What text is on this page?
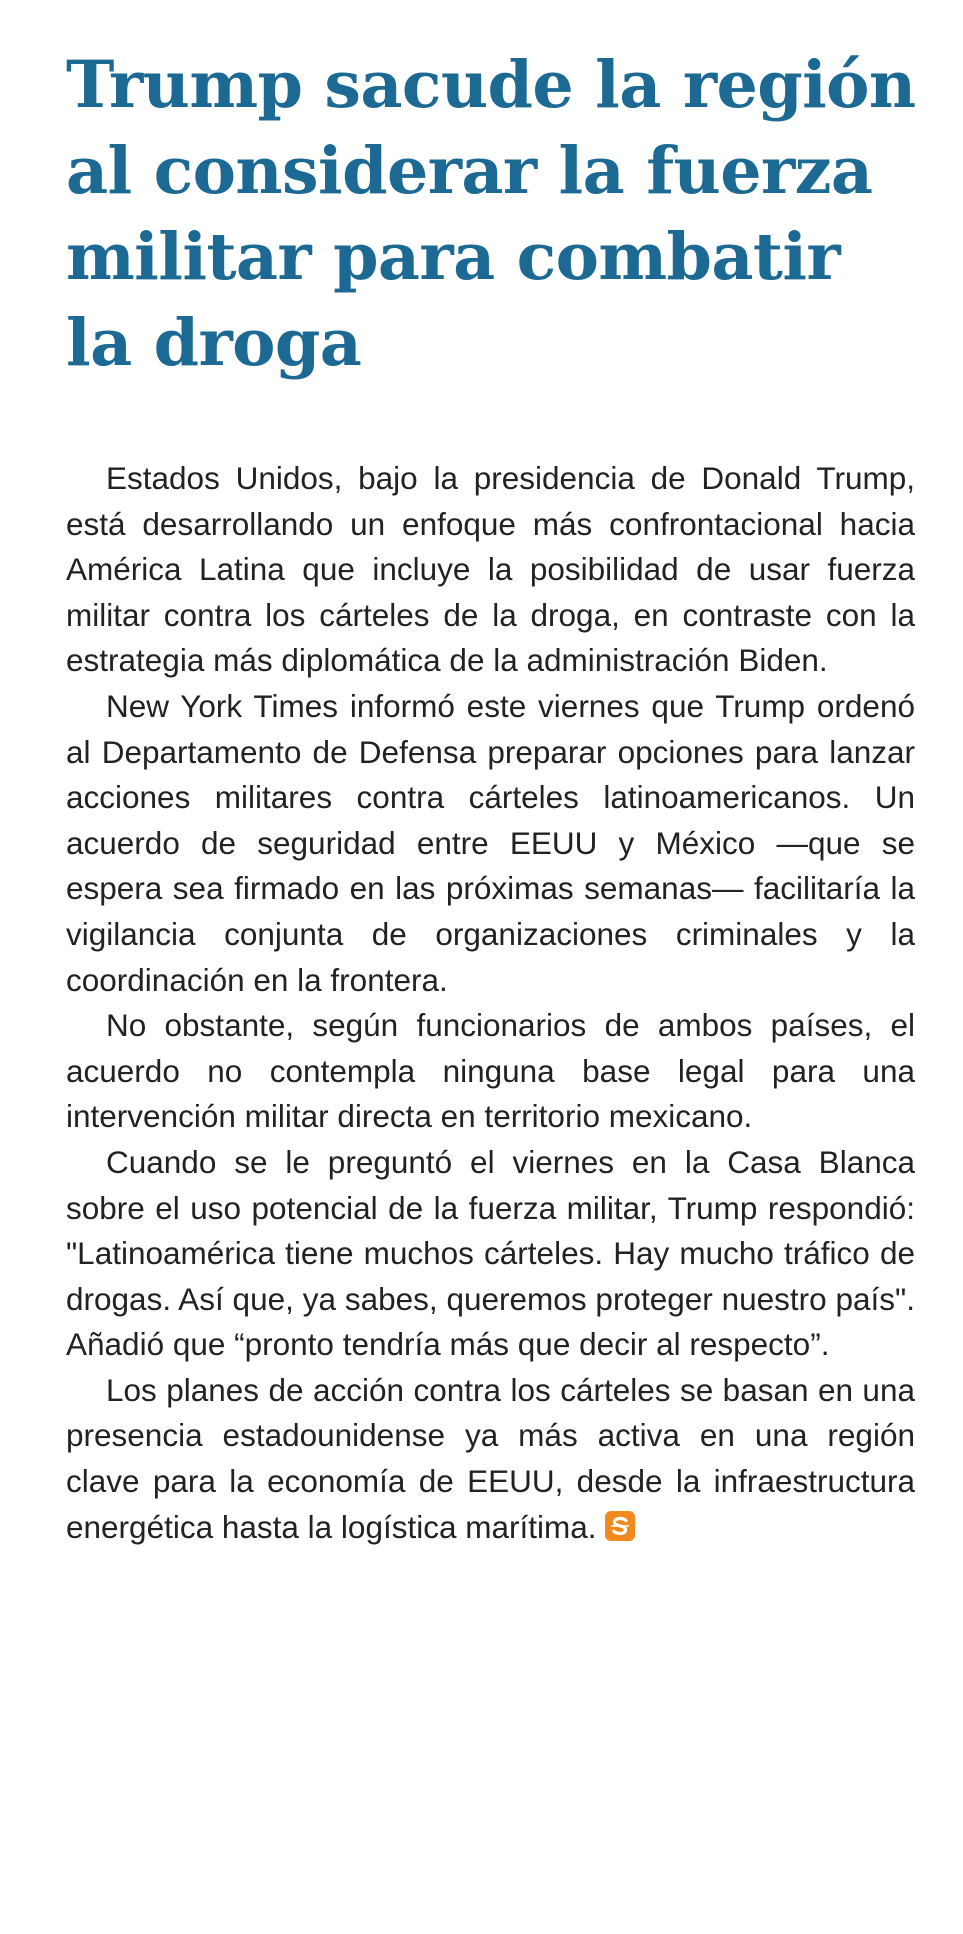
Trump sacude la región al considerar la fuerza militar para combatir la droga

Estados Unidos, bajo la presidencia de Donald Trump, está desarrollando un enfoque más confrontacional hacia América Latina que incluye la posibilidad de usar fuerza militar contra los cárteles de la droga, en contraste con la estrategia más diplomática de la administración Biden.

New York Times informó este viernes que Trump ordenó al Departamento de Defensa preparar opciones para lanzar acciones militares contra cárteles latinoamericanos. Un acuerdo de seguridad entre EEUU y México —que se espera sea firmado en las próximas semanas— facilitaría la vigilancia conjunta de organizaciones criminales y la coordinación en la frontera.

No obstante, según funcionarios de ambos países, el acuerdo no contempla ninguna base legal para una intervención militar directa en territorio mexicano.

Cuando se le preguntó el viernes en la Casa Blanca sobre el uso potencial de la fuerza militar, Trump respondió: "Latinoamérica tiene muchos cárteles. Hay mucho tráfico de drogas. Así que, ya sabes, queremos proteger nuestro país". Añadió que “pronto tendría más que decir al respecto”.

Los planes de acción contra los cárteles se basan en una presencia estadounidense ya más activa en una región clave para la economía de EEUU, desde la infraestructura energética hasta la logística marítima.
